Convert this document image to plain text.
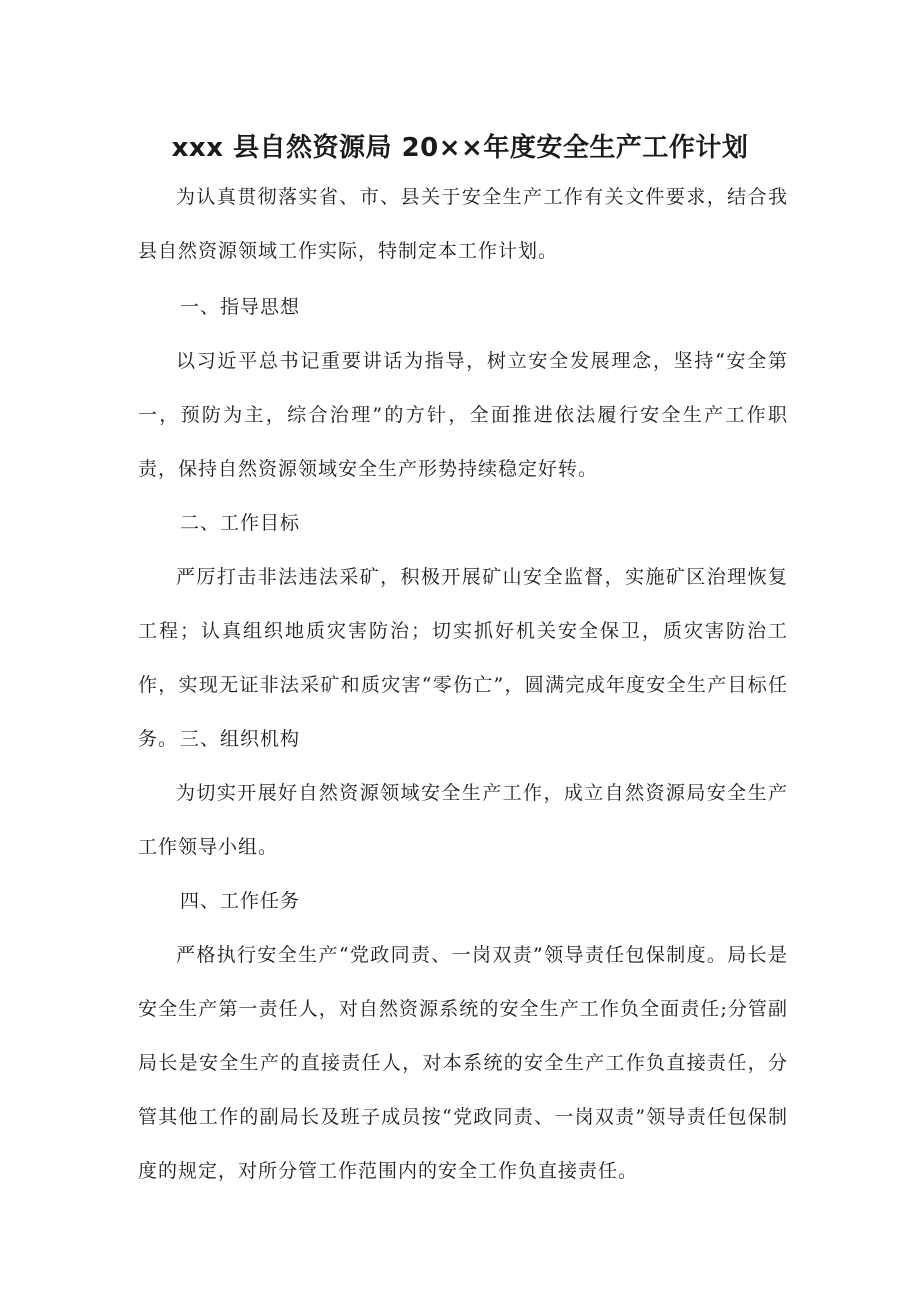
xxx 县自然资源局 20××年度安全生产工作计划

为认真贯彻落实省、市、县关于安全生产工作有关文件要求，结合我县自然资源领域工作实际，特制定本工作计划。

一、指导思想

以习近平总书记重要讲话为指导，树立安全发展理念，坚持“安全第一，预防为主，综合治理”的方针，全面推进依法履行安全生产工作职责，保持自然资源领域安全生产形势持续稳定好转。

二、工作目标

严厉打击非法违法采矿，积极开展矿山安全监督，实施矿区治理恢复工程；认真组织地质灾害防治；切实抓好机关安全保卫，质灾害防治工作，实现无证非法采矿和质灾害“零伤亡”，圆满完成年度安全生产目标任务。 三、组织机构

为切实开展好自然资源领域安全生产工作，成立自然资源局安全生产工作领导小组。

四、工作任务

严格执行安全生产“党政同责、一岗双责”领导责任包保制度。局长是安全生产第一责任人，对自然资源系统的安全生产工作负全面责任;分管副局长是安全生产的直接责任人，对本系统的安全生产工作负直接责任，分管其他工作的副局长及班子成员按“党政同责、一岗双责”领导责任包保制度的规定，对所分管工作范围内的安全工作负直接责任。
